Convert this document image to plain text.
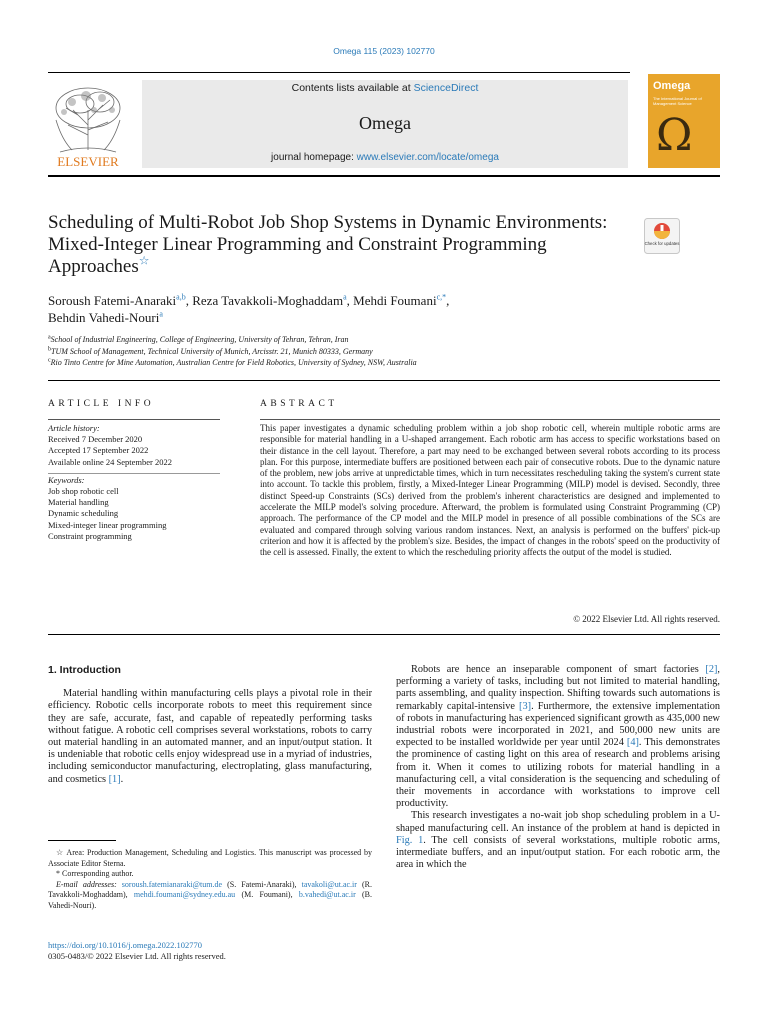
Omega 115 (2023) 102770
ELSEVIER
Contents lists available at ScienceDirect
Omega
journal homepage: www.elsevier.com/locate/omega
Omega
The International Journal of Management Science
Ω
Scheduling of Multi-Robot Job Shop Systems in Dynamic Environments: Mixed-Integer Linear Programming and Constraint Programming Approaches☆
Check for updates
Soroush Fatemi-Anaraki$^{a,b}$, Reza Tavakkoli-Moghaddam$^a$, Mehdi Foumani$^{c,*}$,
Behdin Vahedi-Nouri$^a$
$^a$School of Industrial Engineering, College of Engineering, University of Tehran, Tehran, Iran
$^b$TUM School of Management, Technical University of Munich, Arcisstr. 21, Munich 80333, Germany
$^c$Rio Tinto Centre for Mine Automation, Australian Centre for Field Robotics, University of Sydney, NSW, Australia
ARTICLE INFO
Article history:
Received 7 December 2020
Accepted 17 September 2022
Available online 24 September 2022
Keywords:
Job shop robotic cell
Material handling
Dynamic scheduling
Mixed-integer linear programming
Constraint programming
ABSTRACT
This paper investigates a dynamic scheduling problem within a job shop robotic cell, wherein multiple robotic arms are responsible for material handling in a U-shaped arrangement. Each robotic arm has access to specific workstations based on their distance in the cell layout. Therefore, a part may need to be exchanged between several robots according to its process plan. For this purpose, intermediate buffers are positioned between each pair of consecutive robots. Due to the dynamic nature of the problem, new jobs arrive at unpredictable times, which in turn necessitates rescheduling taking the system's current state into account. To tackle this problem, firstly, a Mixed-Integer Linear Programming (MILP) model is devised. Secondly, three distinct Speed-up Constraints (SCs) derived from the problem's inherent characteristics are designed and implemented to accelerate the MILP model's solving procedure. Afterward, the problem is formulated using Constraint Programming (CP) approach. The performance of the CP model and the MILP model in presence of all possible combinations of the SCs are evaluated and compared through solving various random instances. Next, an analysis is performed on the buffers' pick-up criterion and how it is affected by the problem's size. Besides, the impact of changes in the robots' speed on the productivity of the cell is assessed. Finally, the extent to which the rescheduling priority affects the output of the model is studied.
© 2022 Elsevier Ltd. All rights reserved.
1. Introduction

Material handling within manufacturing cells plays a pivotal role in their efficiency. Robotic cells incorporate robots to meet this requirement since they are safe, accurate, fast, and capable of repeatedly performing tasks without fatigue. A robotic cell comprises several workstations, robots to carry out material handling in an automated manner, and an input/output station. It is undeniable that robotic cells enjoy widespread use in a myriad of industries, including semiconductor manufacturing, electroplating, glass manufacturing, and cosmetics [1].

☆ Area: Production Management, Scheduling and Logistics. This manuscript was processed by Associate Editor Sterna.

* Corresponding author.

E-mail addresses: soroush.fatemianaraki@tum.de (S. Fatemi-Anaraki), tavakoli@ut.ac.ir (R. Tavakkoli-Moghaddam), mehdi.foumani@sydney.edu.au (M. Foumani), b.vahedi@ut.ac.ir (B. Vahedi-Nouri).

Robots are hence an inseparable component of smart factories [2], performing a variety of tasks, including but not limited to material handling, parts assembling, and quality inspection. Shifting towards such automations is remarkably capital-intensive [3]. Furthermore, the extensive implementation of robots in manufacturing has experienced significant growth as 435,000 new industrial robots were incorporated in 2021, and 500,000 new units are expected to be installed worldwide per year until 2024 [4]. This demonstrates the prominence of casting light on this area of research and problems arising from it. When it comes to utilizing robots for material handling in a manufacturing cell, a vital consideration is the sequencing and scheduling of their movements in accordance with workstations to improve cell productivity.

This research investigates a no-wait job shop scheduling problem in a U-shaped manufacturing cell. An instance of the problem at hand is depicted in Fig. 1. The cell consists of several workstations, multiple robotic arms, intermediate buffers, and an input/output station. For each robotic arm, the area in which the

https://doi.org/10.1016/j.omega.2022.102770
0305-0483/© 2022 Elsevier Ltd. All rights reserved.
